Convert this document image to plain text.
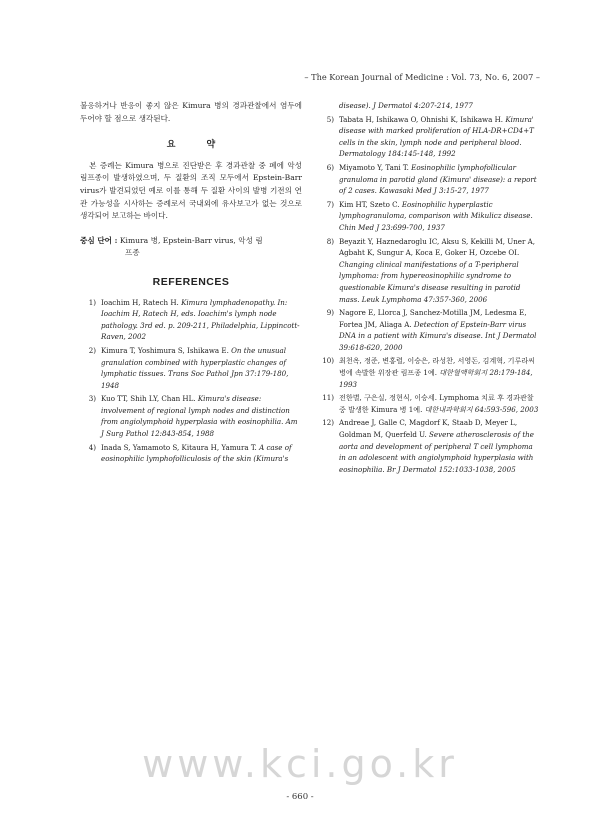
– The Korean Journal of Medicine : Vol. 73, No. 6, 2007 –

불응하거나 반응이 좋지 않은 Kimura 병의 경과관찰에서 염두에 두어야 할 점으로 생각된다.

요 약

본 증례는 Kimura 병으로 진단받은 후 경과관찰 중 폐에 악성 림프종이 발생하였으며, 두 질환의 조직 모두에서 Epstein-Barr virus가 발견되었던 예로 이를 통해 두 질환 사이의 발병 기전의 연관 가능성을 시사하는 증례로서 국내외에 유사보고가 없는 것으로 생각되어 보고하는 바이다.

중심 단어 : Kimura 병, Epstein-Barr virus, 악성 림
프종
REFERENCES
1) Ioachim H, Ratech H. Kimura lymphadenopathy. In: Ioachim H, Ratech H, eds. Ioachim's lymph node pathology. 3rd ed. p. 209-211, Philadelphia, Lippincott-Raven, 2002
2) Kimura T, Yoshimura S, Ishikawa E. On the unusual granulation combined with hyperplastic changes of lymphatic tissues. Trans Soc Pathol Jpn 37:179-180, 1948
3) Kuo TT, Shih LY, Chan HL. Kimura's disease: involvement of regional lymph nodes and distinction from angiolymphoid hyperplasia with eosinophilia. Am J Surg Pathol 12:843-854, 1988
4) Inada S, Yamamoto S, Kitaura H, Yamura T. A case of eosinophilic lymphofolliculosis of the skin (Kimura's
disease). J Dermatol 4:207-214, 1977
5) Tabata H, Ishikawa O, Ohnishi K, Ishikawa H. Kimura' disease with marked proliferation of HLA-DR+CD4+T cells in the skin, lymph node and peripheral blood. Dermatology 184:145-148, 1992
6) Miyamoto Y, Tani T. Eosinophilic lymphofollicular granuloma in parotid gland (Kimura' disease): a report of 2 cases. Kawasaki Med J 3:15-27, 1977
7) Kim HT, Szeto C. Eosinophilic hyperplastic lymphogranuloma, comparison with Mikulicz disease. Chin Med J 23:699-700, 1937
8) Beyazit Y, Haznedaroglu IC, Aksu S, Kekilli M, Uner A, Agbaht K, Sungur A, Koca E, Goker H, Ozcebe OI. Changing clinical manifestations of a T-peripheral lymphoma: from hypereosinophilic syndrome to questionable Kimura's disease resulting in parotid mass. Leuk Lymphoma 47:357-360, 2006
9) Nagore E, Llorca J, Sanchez-Motilla JM, Ledesma E, Fortea JM, Aliaga A. Detection of Epstein-Barr virus DNA in a patient with Kimura's disease. Int J Dermatol 39:618-620, 2000
10) 최천옥, 정준, 변홍렬, 이승은, 라성찬, 서영돈, 김계혁, 기루라씨병에 속발한 위장관 림프종 1예. 대한혈액학회지 28:179-184, 1993
11) 전한별, 구은실, 정현식, 이승세. Lymphoma 치료 후 경과관찰 중 발생한 Kimura 병 1예. 대한내과학회지 64:593-596, 2003
12) Andreae J, Galle C, Magdorf K, Staab D, Meyer L, Goldman M, Querfeld U. Severe atherosclerosis of the aorta and development of peripheral T cell lymphoma in an adolescent with angiolymphoid hyperplasia with eosinophilia. Br J Dermatol 152:1033-1038, 2005
www.kci.go.kr
- 660 -
